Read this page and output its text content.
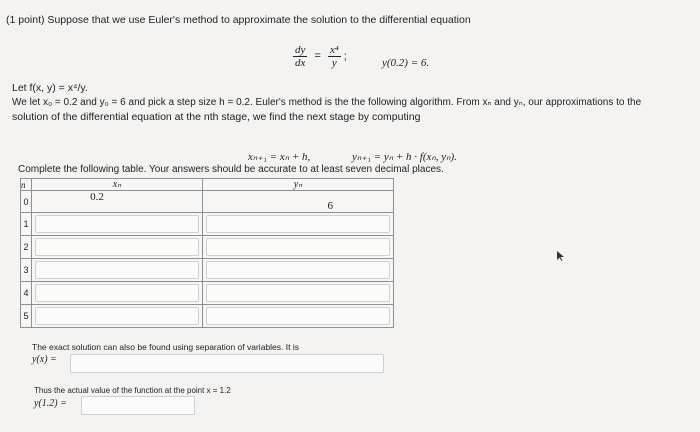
(1 point) Suppose that we use Euler's method to approximate the solution to the differential equation
$\frac{dy}{dx} = \frac{\text{x⁴}}{y}$ ;
y(0.2) = 6.
Let f(x, y) = x⁴/y.
We let x₀ = 0.2 and y₀ = 6 and pick a step size h = 0.2. Euler's method is the the following algorithm. From xₙ and yₙ, our approximations to the
solution of the differential equation at the nth stage, we find the next stage by computing
xₙ₊₁ = xₙ + h,	yₙ₊₁ = yₙ + h · f(xₙ, yₙ).
Complete the following table. Your answers should be accurate to at least seven decimal places.
n	xₙ	yₙ
0	0.2	6
1	

2	

3	

4	

5	

The exact solution can also be found using separation of variables. It is
y(x) =
Thus the actual value of the function at the point x = 1.2
y(1.2) =
